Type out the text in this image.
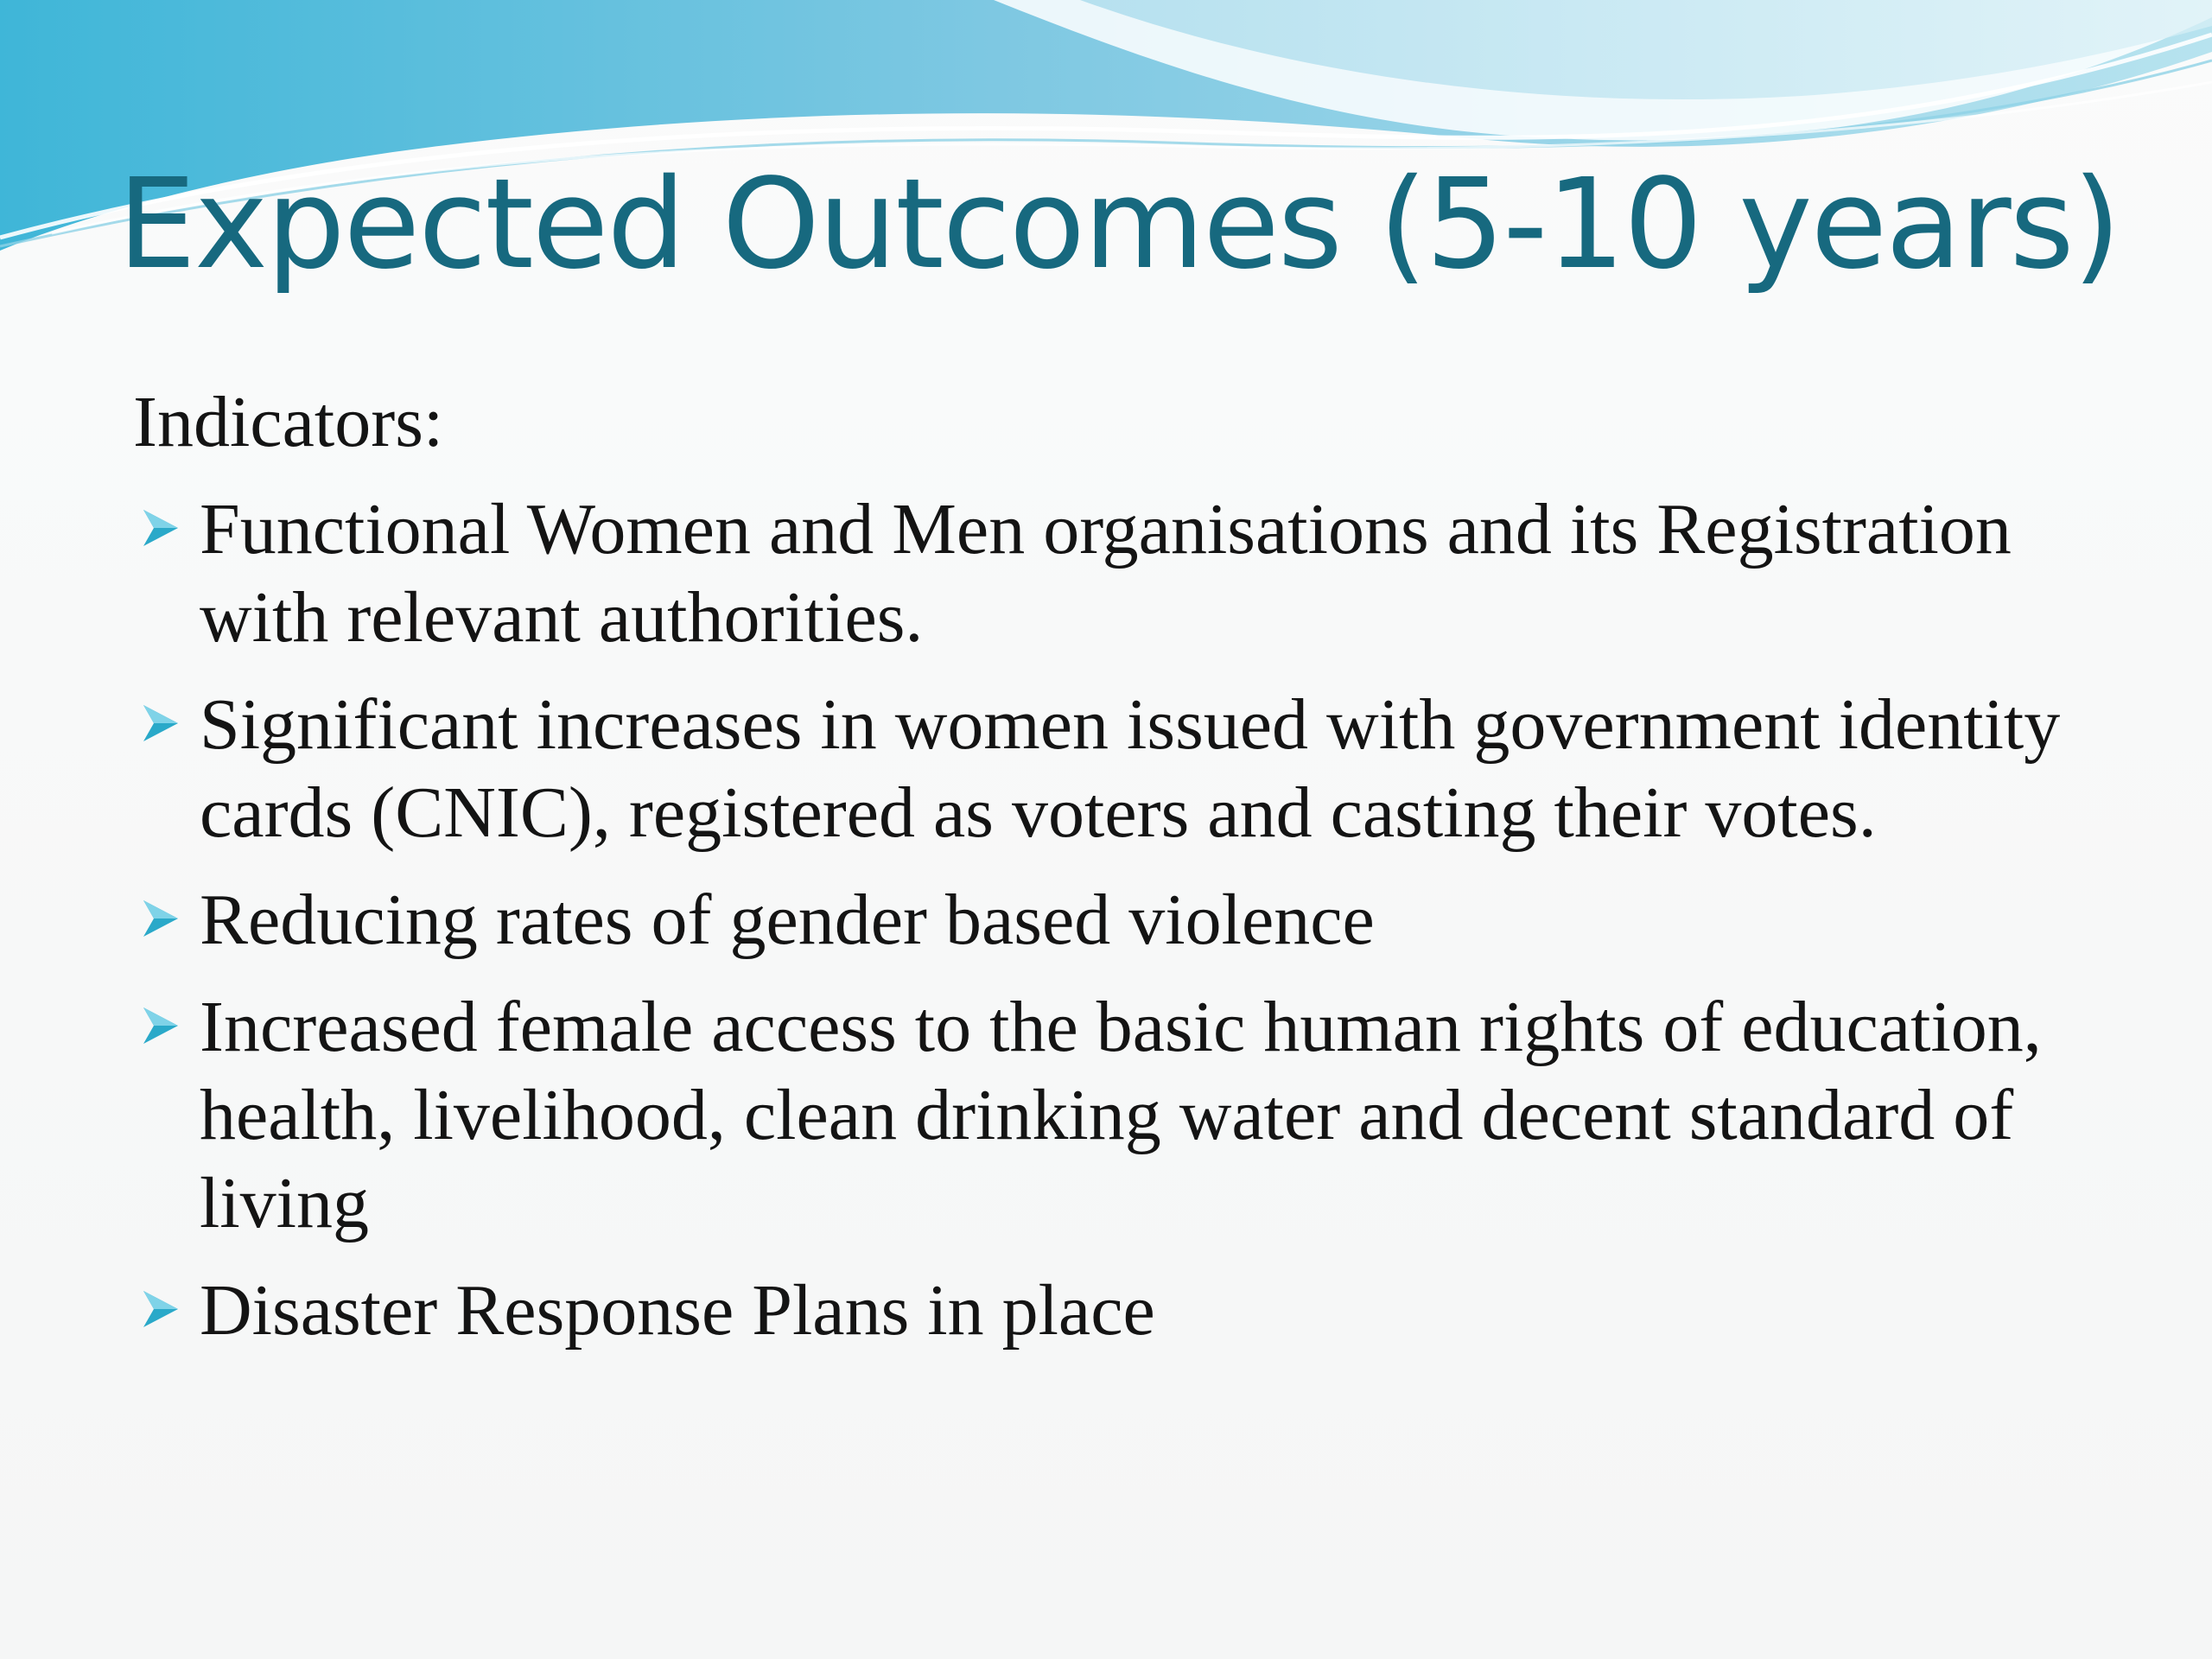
Expected Outcomes (5-10 years)

Indicators:

Functional Women and Men organisations and its Registration with relevant authorities.
Significant increases in women issued with government identity cards (CNIC), registered as voters and casting their votes.
Reducing rates of gender based violence
Increased female access to the basic human rights of education, health, livelihood, clean drinking water and decent standard of living
Disaster Response Plans in place
